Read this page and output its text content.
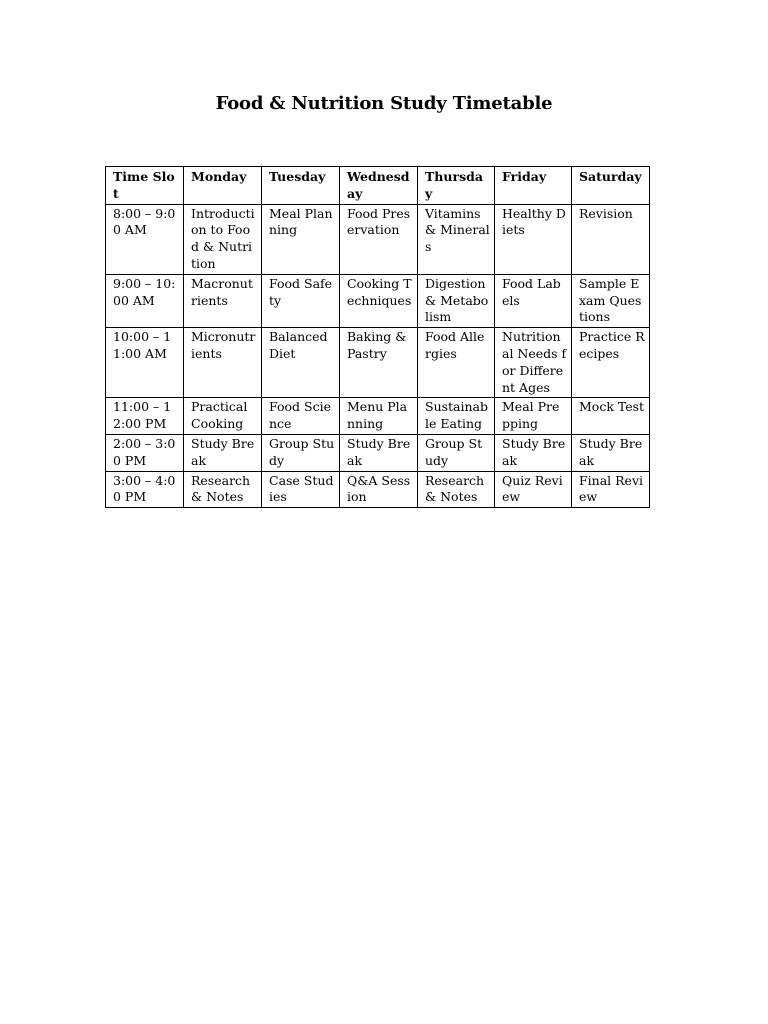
Food & Nutrition Study Timetable
Time Slot	Monday	Tuesday	Wednesday	Thursday	Friday	Saturday
8:00 – 9:00 AM	Introduction to Food & Nutrition	Meal Planning	Food Preservation	Vitamins & Minerals	Healthy Diets	Revision
9:00 – 10:00 AM	Macronutrients	Food Safety	Cooking Techniques	Digestion & Metabolism	Food Labels	Sample Exam Questions
10:00 – 11:00 AM	Micronutrients	Balanced Diet	Baking & Pastry	Food Allergies	Nutritional Needs for Different Ages	Practice Recipes
11:00 – 12:00 PM	Practical Cooking	Food Science	Menu Planning	Sustainable Eating	Meal Prepping	Mock Test
2:00 – 3:00 PM	Study Break	Group Study	Study Break	Group Study	Study Break	Study Break
3:00 – 4:00 PM	Research & Notes	Case Studies	Q&A Session	Research & Notes	Quiz Review	Final Review
